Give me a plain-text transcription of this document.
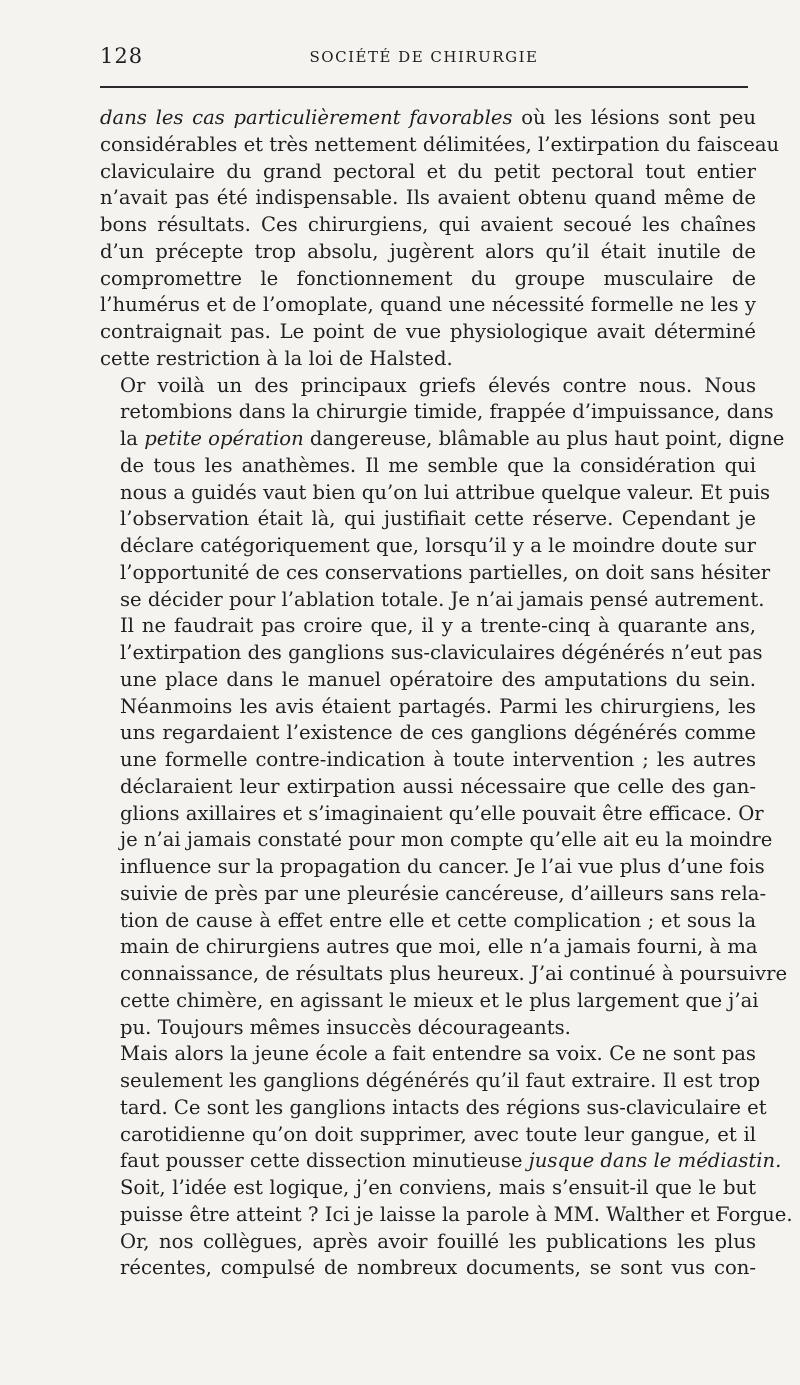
128	SOCIÉTÉ DE CHIRURGIE

dans les cas particulièrement favorables où les lésions sont peu
considérables et très nettement délimitées, l’extirpation du faisceau
claviculaire du grand pectoral et du petit pectoral tout entier
n’avait pas été indispensable. Ils avaient obtenu quand même de
bons résultats. Ces chirurgiens, qui avaient secoué les chaînes
d’un précepte trop absolu, jugèrent alors qu’il était inutile de
compromettre le fonctionnement du groupe musculaire de
l’humérus et de l’omoplate, quand une nécessité formelle ne les y
contraignait pas. Le point de vue physiologique avait déterminé
cette restriction à la loi de Halsted.

Or voilà un des principaux griefs élevés contre nous. Nous
retombions dans la chirurgie timide, frappée d’impuissance, dans
la petite opération dangereuse, blâmable au plus haut point, digne
de tous les anathèmes. Il me semble que la considération qui
nous a guidés vaut bien qu’on lui attribue quelque valeur. Et puis
l’observation était là, qui justifiait cette réserve. Cependant je
déclare catégoriquement que, lorsqu’il y a le moindre doute sur
l’opportunité de ces conservations partielles, on doit sans hésiter
se décider pour l’ablation totale. Je n’ai jamais pensé autrement.

Il ne faudrait pas croire que, il y a trente-cinq à quarante ans,
l’extirpation des ganglions sus-claviculaires dégénérés n’eut pas
une place dans le manuel opératoire des amputations du sein.
Néanmoins les avis étaient partagés. Parmi les chirurgiens, les
uns regardaient l’existence de ces ganglions dégénérés comme
une formelle contre-indication à toute intervention ; les autres
déclaraient leur extirpation aussi nécessaire que celle des gan-
glions axillaires et s’imaginaient qu’elle pouvait être efficace. Or
je n’ai jamais constaté pour mon compte qu’elle ait eu la moindre
influence sur la propagation du cancer. Je l’ai vue plus d’une fois
suivie de près par une pleurésie cancéreuse, d’ailleurs sans rela-
tion de cause à effet entre elle et cette complication ; et sous la
main de chirurgiens autres que moi, elle n’a jamais fourni, à ma
connaissance, de résultats plus heureux. J’ai continué à poursuivre
cette chimère, en agissant le mieux et le plus largement que j’ai
pu. Toujours mêmes insuccès décourageants.

Mais alors la jeune école a fait entendre sa voix. Ce ne sont pas
seulement les ganglions dégénérés qu’il faut extraire. Il est trop
tard. Ce sont les ganglions intacts des régions sus-claviculaire et
carotidienne qu’on doit supprimer, avec toute leur gangue, et il
faut pousser cette dissection minutieuse jusque dans le médiastin.
Soit, l’idée est logique, j’en conviens, mais s’ensuit-il que le but
puisse être atteint ? Ici je laisse la parole à MM. Walther et Forgue.

Or, nos collègues, après avoir fouillé les publications les plus
récentes, compulsé de nombreux documents, se sont vus con-
